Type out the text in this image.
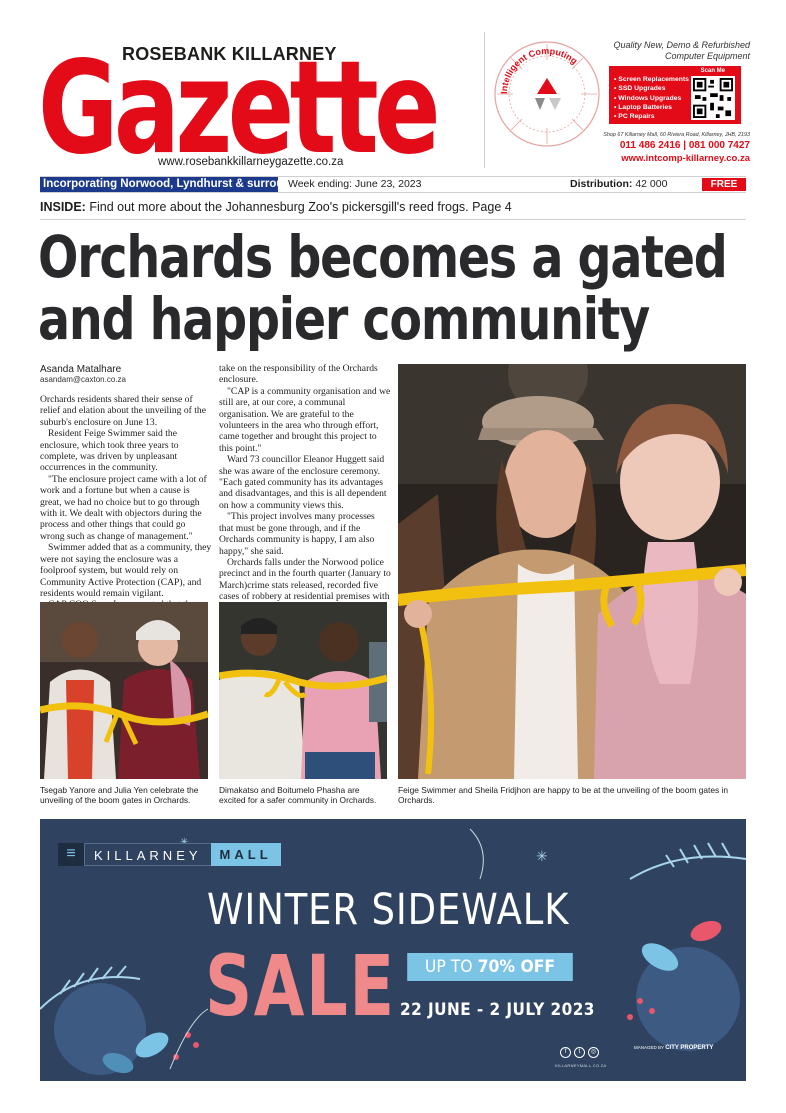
Gazette
ROSEBANK KILLARNEY
www.rosebankkillarneygazette.co.za
Intelligent Computing
Quality New, Demo & Refurbished Computer Equipment
Scan Me
• Screen Replacements
• SSD Upgrades
• Windows Upgrades
• Laptop Batteries
• PC Repairs
Shop 67 Killarney Mall, 60 Riviera Road, Killarney, JHB, 2193
011 486 2416 | 081 000 7427
www.intcomp-killarney.co.za
Incorporating Norwood, Lyndhurst & surrounds
Week ending: June 23, 2023	Distribution: 42 000	FREE
INSIDE: Find out more about the Johannesburg Zoo's pickersgill's reed frogs. Page 4
Orchards becomes a gated
and happier community
Asanda Matalhare
asandam@caxton.co.za

Orchards residents shared their sense of relief and elation about the unveiling of the suburb's enclosure on June 13.

Resident Feige Swimmer said the enclosure, which took three years to complete, was driven by unpleasant occurrences in the community.

"The enclosure project came with a lot of work and a fortune but when a cause is great, we had no choice but to go through with it. We dealt with objectors during the process and other things that could go wrong such as change of management."

Swimmer added that as a community, they were not saying the enclosure was a foolproof system, but would rely on Community Active Protection (CAP), and residents would remain vigilant.

take on the responsibility of the Orchards enclosure.

"CAP is a community organisation and we still are, at our core, a communal organisation. We are grateful to the volunteers in the area who through effort, came together and brought this project to this point."

Ward 73 councillor Eleanor Huggett said she was aware of the enclosure ceremony. "Each gated community has its advantages and disadvantages, and this is all dependent on how a community views this.

"This project involves many processes that must be gone through, and if the Orchards community is happy, I am also happy," she said.

Orchards falls under the Norwood police precinct and in the fourth quarter (January to March)crime stats released, recorded five cases of robbery at residential premises with

Tsegab Yanore and Julia Yen celebrate the unveiling of the boom gates in Orchards.
Dimakatso and Boitumelo Phasha are excited for a safer community in Orchards.
Feige Swimmer and Sheila Fridjhon are happy to be at the unveiling of the boom gates in Orchards.
✳
≡	KILLARNEY	MALL
WINTER SIDEWALK
SALE	UP TO 70% OFF
22 JUNE - 2 JULY 2023
f	t	◎
KILLARNEYMALL.CO.ZA
MANAGED BY CITY PROPERTY
